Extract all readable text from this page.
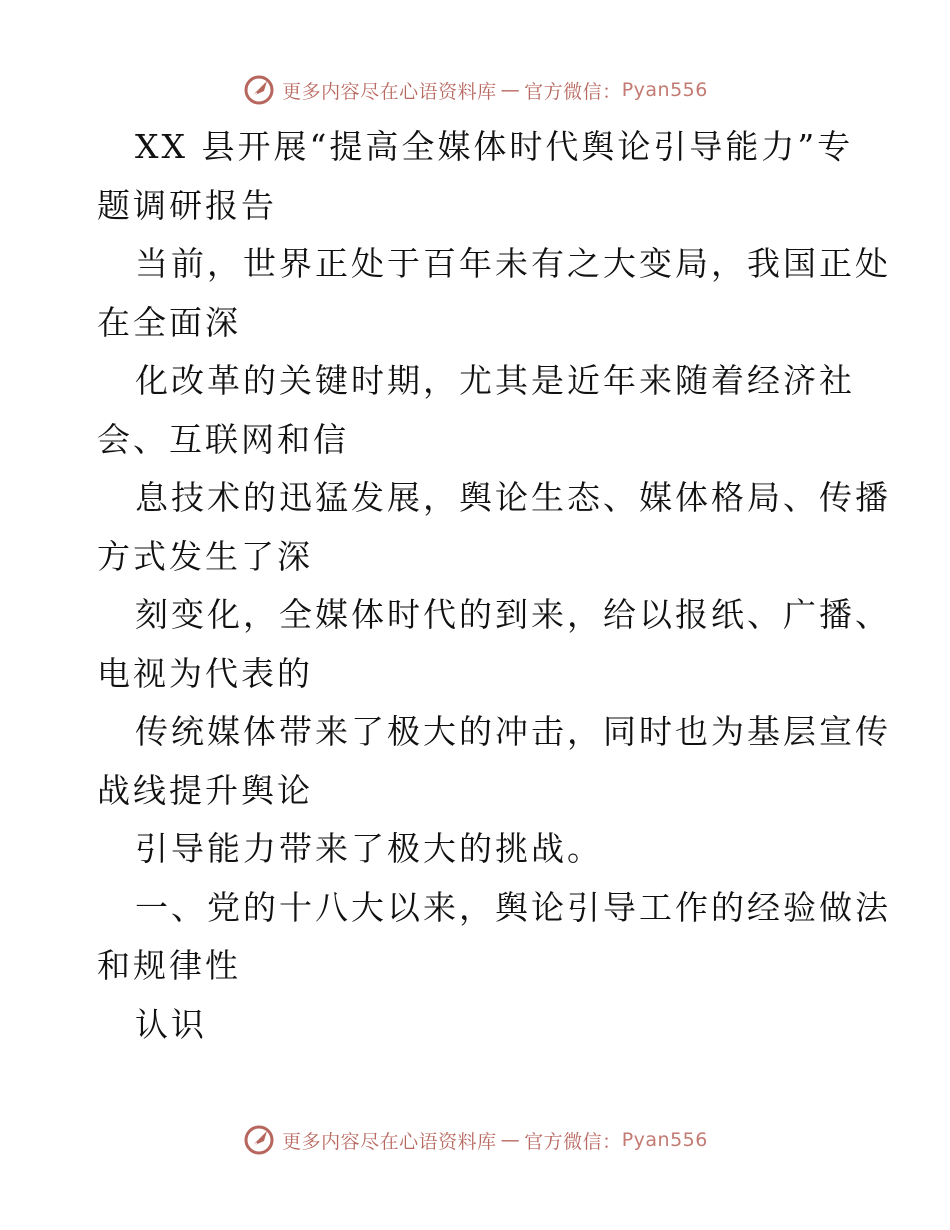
更多内容尽在心语资料库 — 官方微信： Pyan556
XX 县开展“提高全媒体时代舆论引导能力”专
题调研报告
当前，世界正处于百年未有之大变局，我国正处
在全面深
化改革的关键时期，尤其是近年来随着经济社
会、互联网和信
息技术的迅猛发展，舆论生态、媒体格局、传播
方式发生了深
刻变化，全媒体时代的到来，给以报纸、广播、
电视为代表的
传统媒体带来了极大的冲击，同时也为基层宣传
战线提升舆论
引导能力带来了极大的挑战。
一、党的十八大以来，舆论引导工作的经验做法
和规律性
认识
更多内容尽在心语资料库 — 官方微信： Pyan556
